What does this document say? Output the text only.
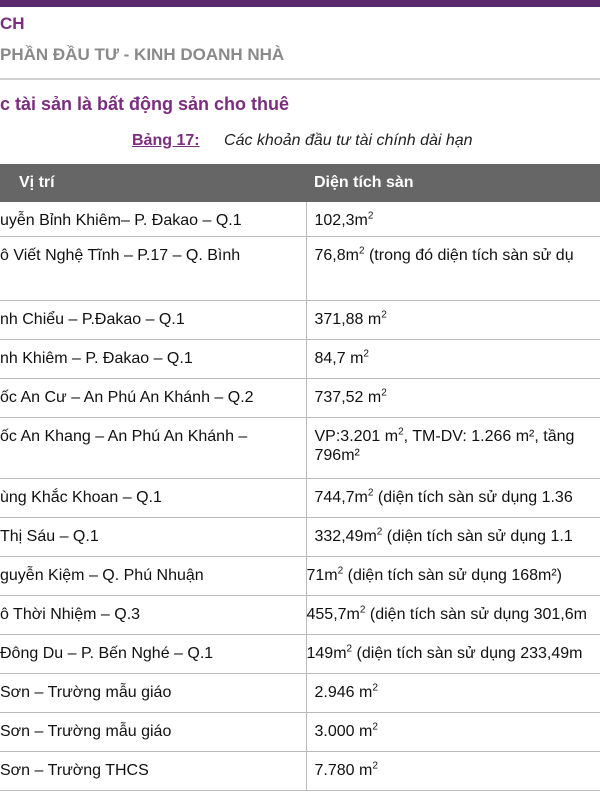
CH
PHẦN ĐẦU TƯ - KINH DOANH NHÀ
c tài sản là bất động sản cho thuê
Bảng 17: Các khoản đầu tư tài chính dài hạn
Vị trí	Diện tích sàn

uyễn Bỉnh Khiêm– P. Đakao – Q.1	$102,3m^2$

ô Viết Nghệ Tĩnh – P.17 – Q. Bình	$76,8m^2$ (trong đó diện tích sàn sử dụ

nh Chiểu – P.Đakao – Q.1	371,88 $m^2$

nh Khiêm – P. Đakao – Q.1	84,7 $m^2$

ốc An Cư – An Phú An Khánh – Q.2	737,52 $m^2$

ốc An Khang – An Phú An Khánh –	VP:3.201 $m^2$, TM-DV: 1.266 m², tầng
796m²

ùng Khắc Khoan – Q.1	$744,7m^2$ (diện tích sàn sử dụng 1.36

Thị Sáu – Q.1	$332,49m^2$ (diện tích sàn sử dụng 1.1

guyễn Kiệm – Q. Phú Nhuận	$71m^2$ (diện tích sàn sử dụng 168m²)

ô Thời Nhiệm – Q.3	$455,7m^2$ (diện tích sàn sử dụng 301,6m

Đông Du – P. Bến Nghé – Q.1	$149m^2$ (diện tích sàn sử dụng 233,49m

Sơn – Trường mẫu giáo	2.946 $m^2$

Sơn – Trường mẫu giáo	3.000 $m^2$

Sơn – Trường THCS	7.780 $m^2$
